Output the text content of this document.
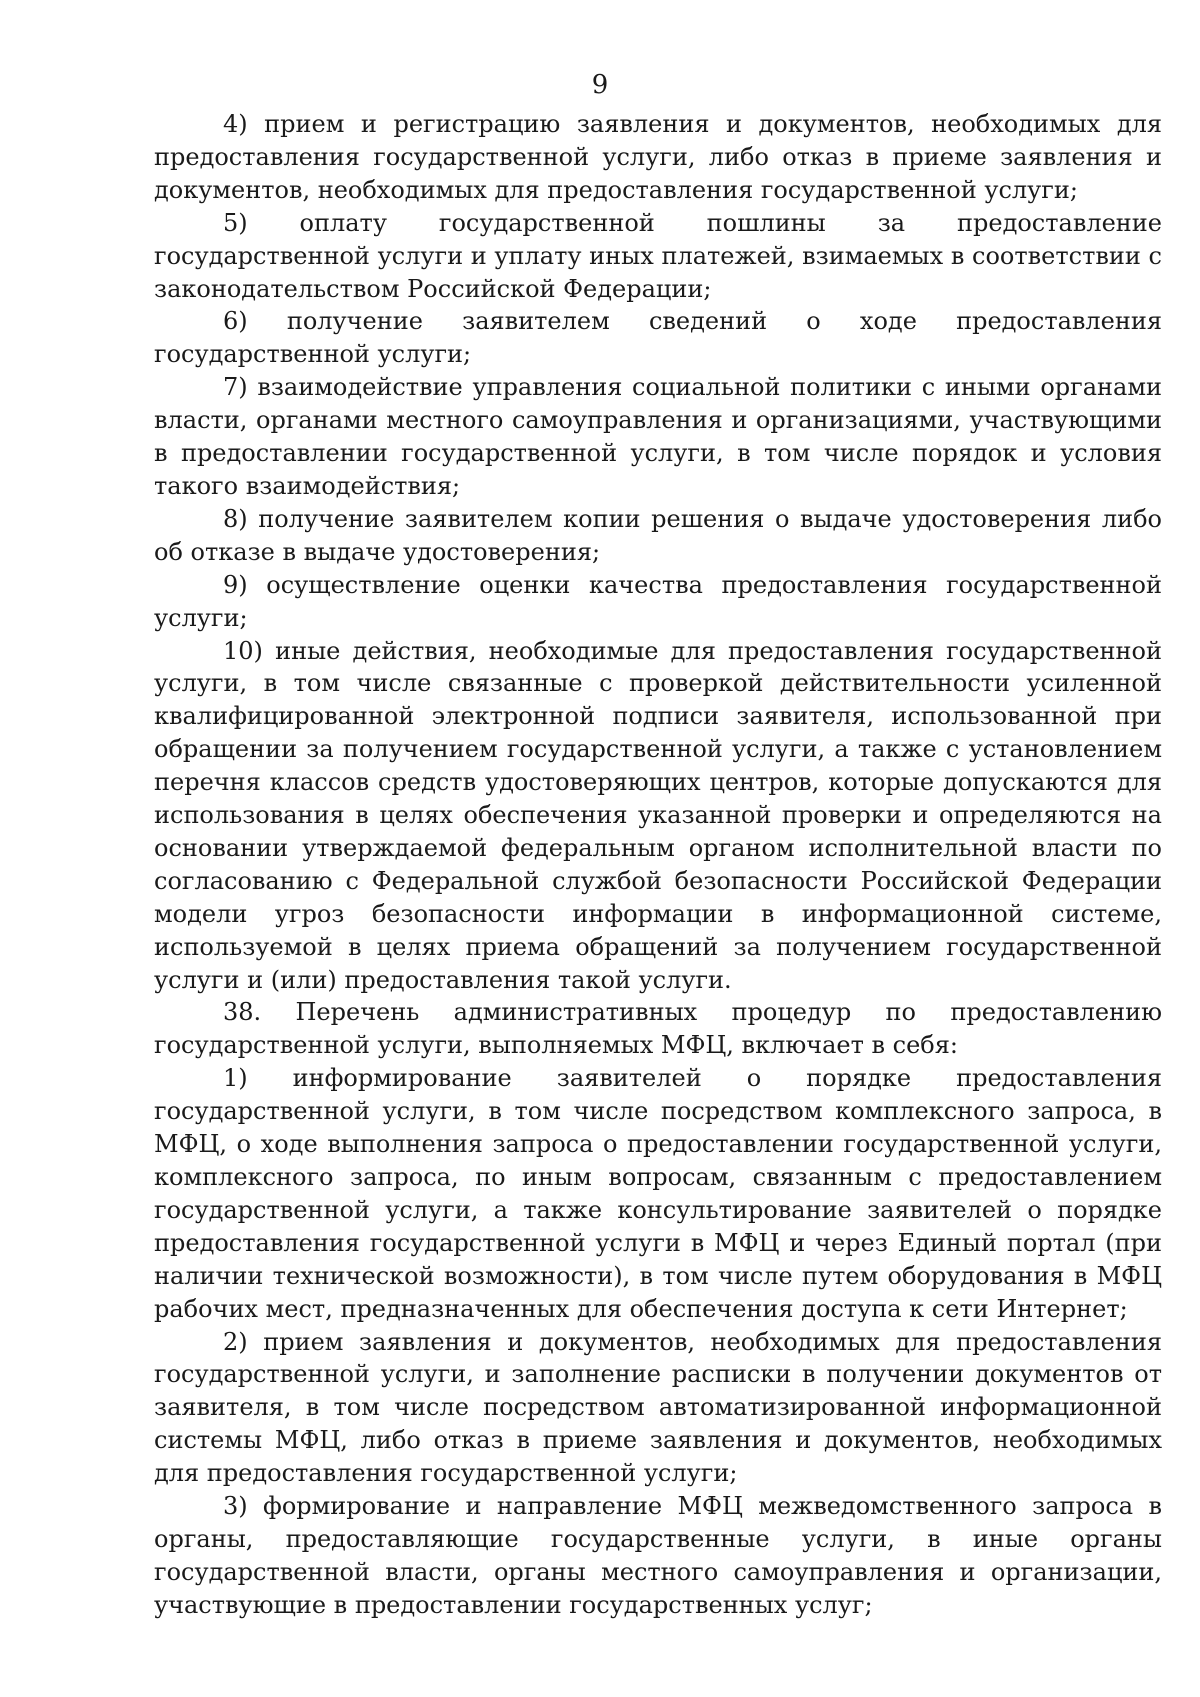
9

4) прием и регистрацию заявления и документов, необходимых для предоставления государственной услуги, либо отказ в приеме заявления и документов, необходимых для предоставления государственной услуги;

5) оплату государственной пошлины за предоставление государственной услуги и уплату иных платежей, взимаемых в соответствии с законодательством Российской Федерации;

6) получение заявителем сведений о ходе предоставления государственной услуги;

7) взаимодействие управления социальной политики с иными органами власти, органами местного самоуправления и организациями, участвующими в предоставлении государственной услуги, в том числе порядок и условия такого взаимодействия;

8) получение заявителем копии решения о выдаче удостоверения либо об отказе в выдаче удостоверения;

9) осуществление оценки качества предоставления государственной услуги;

10) иные действия, необходимые для предоставления государственной услуги, в том числе связанные с проверкой действительности усиленной квалифицированной электронной подписи заявителя, использованной при обращении за получением государственной услуги, а также с установлением перечня классов средств удостоверяющих центров, которые допускаются для использования в целях обеспечения указанной проверки и определяются на основании утверждаемой федеральным органом исполнительной власти по согласованию с Федеральной службой безопасности Российской Федерации модели угроз безопасности информации в информационной системе, используемой в целях приема обращений за получением государственной услуги и (или) предоставления такой услуги.

38. Перечень административных процедур по предоставлению государственной услуги, выполняемых МФЦ, включает в себя:

1) информирование заявителей о порядке предоставления государственной услуги, в том числе посредством комплексного запроса, в МФЦ, о ходе выполнения запроса о предоставлении государственной услуги, комплексного запроса, по иным вопросам, связанным с предоставлением государственной услуги, а также консультирование заявителей о порядке предоставления государственной услуги в МФЦ и через Единый портал (при наличии технической возможности), в том числе путем оборудования в МФЦ рабочих мест, предназначенных для обеспечения доступа к сети Интернет;

2) прием заявления и документов, необходимых для предоставления государственной услуги, и заполнение расписки в получении документов от заявителя, в том числе посредством автоматизированной информационной системы МФЦ, либо отказ в приеме заявления и документов, необходимых для предоставления государственной услуги;

3) формирование и направление МФЦ межведомственного запроса в органы, предоставляющие государственные услуги, в иные органы государственной власти, органы местного самоуправления и организации, участвующие в предоставлении государственных услуг;
